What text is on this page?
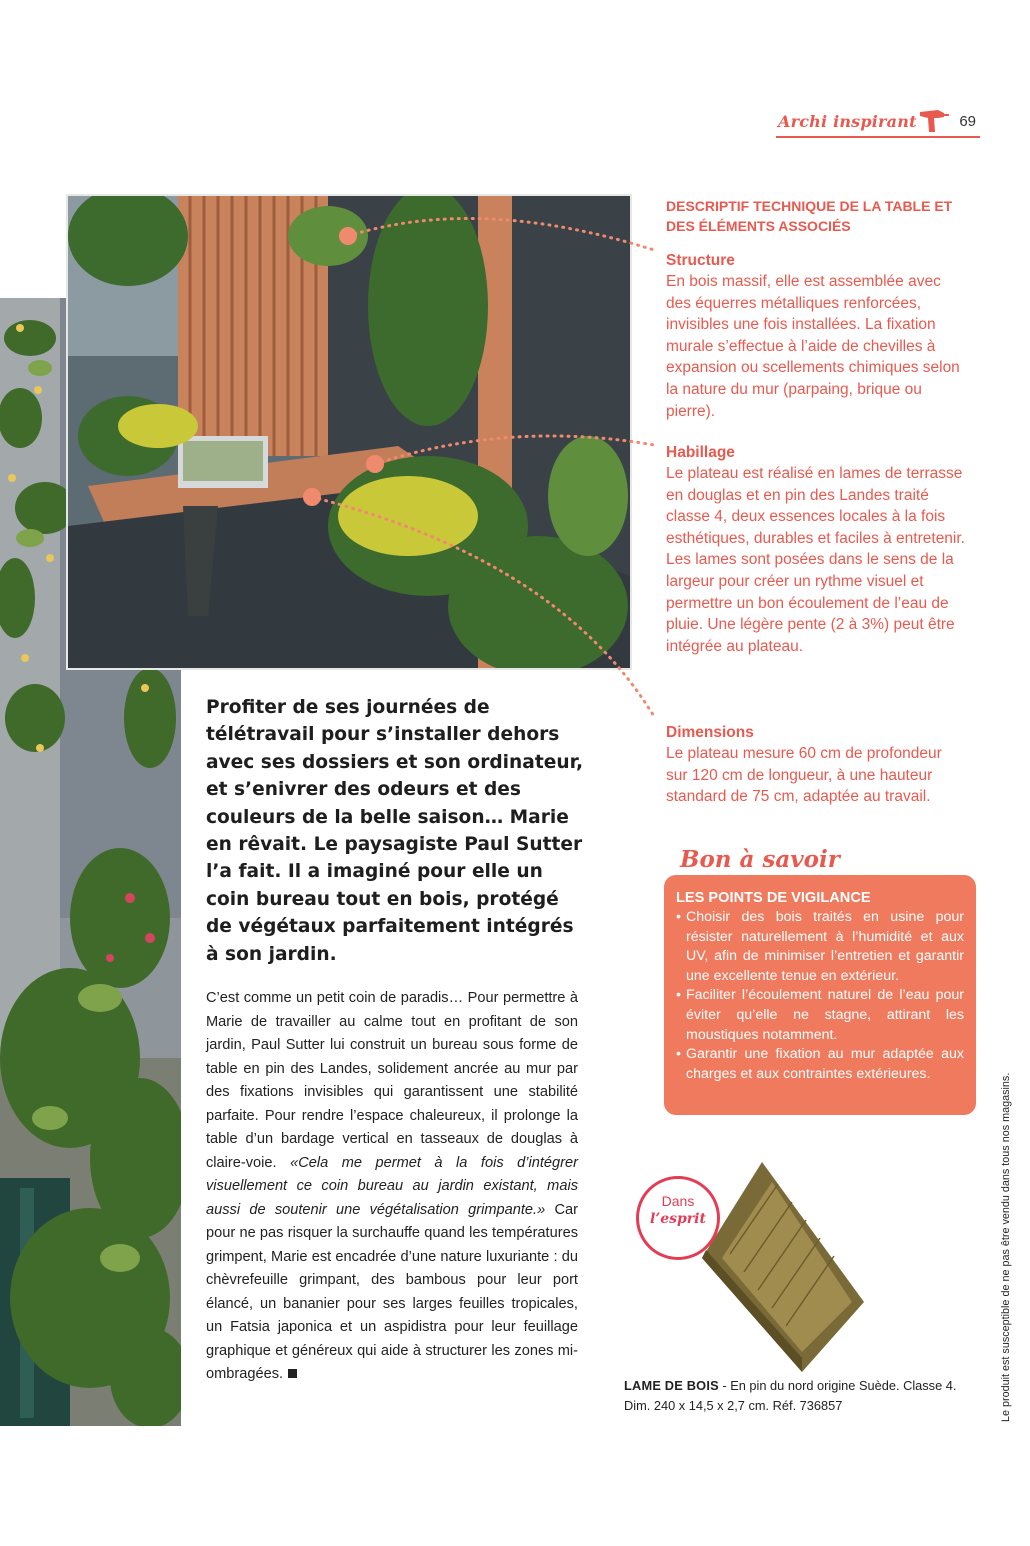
Archi inspirant	69
DESCRIPTIF TECHNIQUE DE LA TABLE ET DES ÉLÉMENTS ASSOCIÉS
Structure
En bois massif, elle est assemblée avec des équerres métalliques renforcées, invisibles une fois installées. La fixation murale s’effectue à l’aide de chevilles à expansion ou scellements chimiques selon la nature du mur (parpaing, brique ou pierre).
Habillage
Le plateau est réalisé en lames de terrasse en douglas et en pin des Landes traité classe 4, deux essences locales à la fois esthétiques, durables et faciles à entretenir. Les lames sont posées dans le sens de la largeur pour créer un rythme visuel et permettre un bon écoulement de l’eau de pluie. Une légère pente (2 à 3%) peut être intégrée au plateau.
Dimensions
Le plateau mesure 60 cm de profondeur sur 120 cm de longueur, à une hauteur standard de 75 cm, adaptée au travail.
Profiter de ses journées de télétravail pour s’installer dehors avec ses dossiers et son ordinateur, et s’enivrer des odeurs et des couleurs de la belle saison… Marie en rêvait. Le paysagiste Paul Sutter l’a fait. Il a imaginé pour elle un coin bureau tout en bois, protégé de végétaux parfaitement intégrés à son jardin.
C’est comme un petit coin de paradis… Pour permettre à Marie de travailler au calme tout en profitant de son jardin, Paul Sutter lui construit un bureau sous forme de table en pin des Landes, solidement ancrée au mur par des fixations invisibles qui garantissent une stabilité parfaite. Pour rendre l’espace chaleureux, il prolonge la table d’un bardage vertical en tasseaux de douglas à claire-voie. «Cela me permet à la fois d’intégrer visuellement ce coin bureau au jardin existant, mais aussi de soutenir une végétalisation grimpante.» Car pour ne pas risquer la surchauffe quand les températures grimpent, Marie est encadrée d’une nature luxuriante : du chèvrefeuille grimpant, des bambous pour leur port élancé, un bananier pour ses larges feuilles tropicales, un Fatsia japonica et un aspidistra pour leur feuillage graphique et généreux qui aide à structurer les zones mi-ombragées.
Bon à savoir
LES POINTS DE VIGILANCE
• Choisir des bois traités en usine pour résister naturellement à l’humidité et aux UV, afin de minimiser l’entretien et garantir une excellente tenue en extérieur.
• Faciliter l’écoulement naturel de l’eau pour éviter qu’elle ne stagne, attirant les moustiques notamment.
• Garantir une fixation au mur adaptée aux charges et aux contraintes extérieures.
Dans
l’esprit
LAME DE BOIS - En pin du nord origine Suède. Classe 4.
Dim. 240 x 14,5 x 2,7 cm. Réf. 736857	Le produit est susceptible de ne pas être vendu dans tous nos magasins.
